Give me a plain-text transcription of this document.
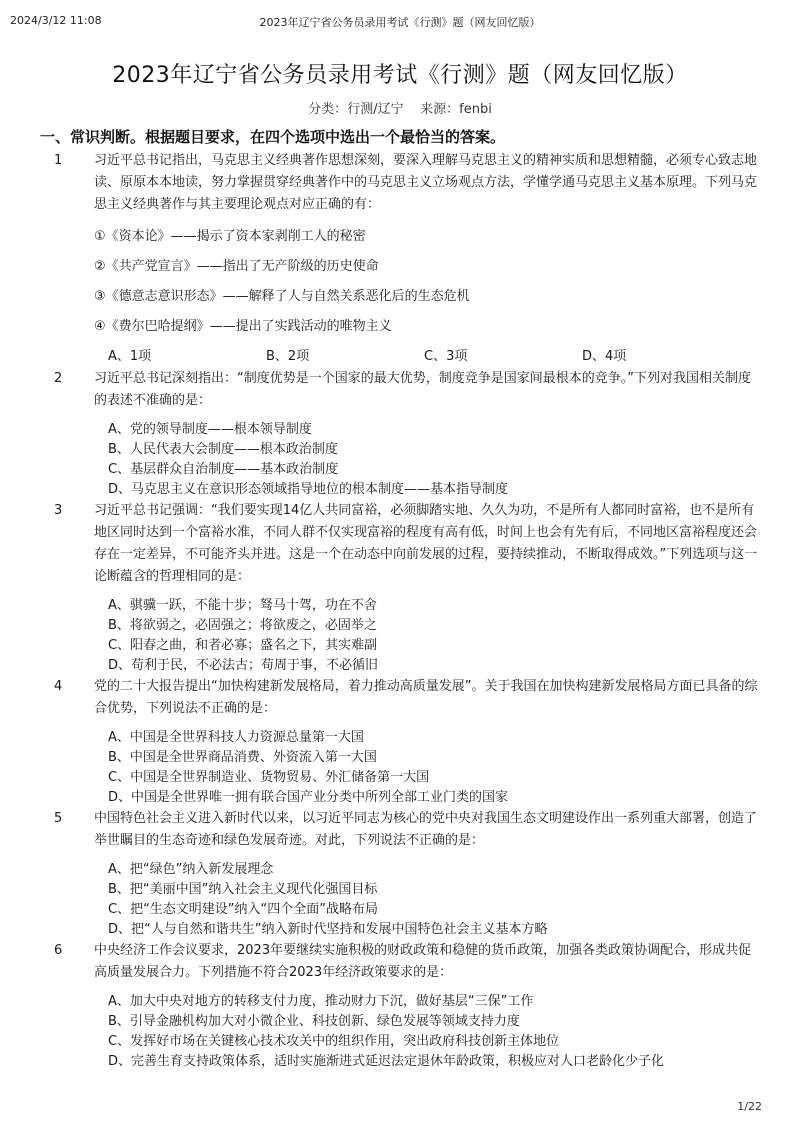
2024/3/12 11:08	2023年辽宁省公务员录用考试《行测》题（网友回忆版）
2023年辽宁省公务员录用考试《行测》题（网友回忆版）
分类：行测/辽宁 来源：fenbi
一、常识判断。根据题目要求，在四个选项中选出一个最恰当的答案。
1 习近平总书记指出，马克思主义经典著作思想深刻，要深入理解马克思主义的精神实质和思想精髓，必须专心致志地读、原原本本地读，努力掌握贯穿经典著作中的马克思主义立场观点方法，学懂学通马克思主义基本原理。下列马克思主义经典著作与其主要理论观点对应正确的有：

①《资本论》——揭示了资本家剥削工人的秘密
②《共产党宣言》——指出了无产阶级的历史使命
③《德意志意识形态》——解释了人与自然关系恶化后的生态危机
④《费尔巴哈提纲》——提出了实践活动的唯物主义
A、1项	B、2项	C、3项	D、4项
2 习近平总书记深刻指出：“制度优势是一个国家的最大优势，制度竞争是国家间最根本的竞争。”下列对我国相关制度的表述不准确的是：

A、党的领导制度——根本领导制度
B、人民代表大会制度——根本政治制度
C、基层群众自治制度——基本政治制度
D、马克思主义在意识形态领域指导地位的根本制度——基本指导制度
3 习近平总书记强调：“我们要实现14亿人共同富裕，必须脚踏实地、久久为功，不是所有人都同时富裕，也不是所有地区同时达到一个富裕水准，不同人群不仅实现富裕的程度有高有低，时间上也会有先有后，不同地区富裕程度还会存在一定差异，不可能齐头并进。这是一个在动态中向前发展的过程，要持续推动，不断取得成效。”下列选项与这一论断蕴含的哲理相同的是：

A、骐骥一跃，不能十步；驽马十驾，功在不舍
B、将欲弱之，必固强之；将欲废之，必固举之
C、阳春之曲，和者必寡；盛名之下，其实难副
D、苟利于民，不必法古；苟周于事，不必循旧
4 党的二十大报告提出“加快构建新发展格局，着力推动高质量发展”。关于我国在加快构建新发展格局方面已具备的综合优势，下列说法不正确的是：

A、中国是全世界科技人力资源总量第一大国
B、中国是全世界商品消费、外资流入第一大国
C、中国是全世界制造业、货物贸易、外汇储备第一大国
D、中国是全世界唯一拥有联合国产业分类中所列全部工业门类的国家
5 中国特色社会主义进入新时代以来，以习近平同志为核心的党中央对我国生态文明建设作出一系列重大部署，创造了举世瞩目的生态奇迹和绿色发展奇迹。对此，下列说法不正确的是：

A、把“绿色”纳入新发展理念
B、把“美丽中国”纳入社会主义现代化强国目标
C、把“生态文明建设”纳入“四个全面”战略布局
D、把“人与自然和谐共生”纳入新时代坚持和发展中国特色社会主义基本方略
6 中央经济工作会议要求，2023年要继续实施积极的财政政策和稳健的货币政策，加强各类政策协调配合，形成共促高质量发展合力。下列措施不符合2023年经济政策要求的是：

A、加大中央对地方的转移支付力度，推动财力下沉，做好基层“三保”工作
B、引导金融机构加大对小微企业、科技创新、绿色发展等领域支持力度
C、发挥好市场在关键核心技术攻关中的组织作用，突出政府科技创新主体地位
D、完善生育支持政策体系，适时实施渐进式延迟法定退休年龄政策，积极应对人口老龄化少子化
1/22
